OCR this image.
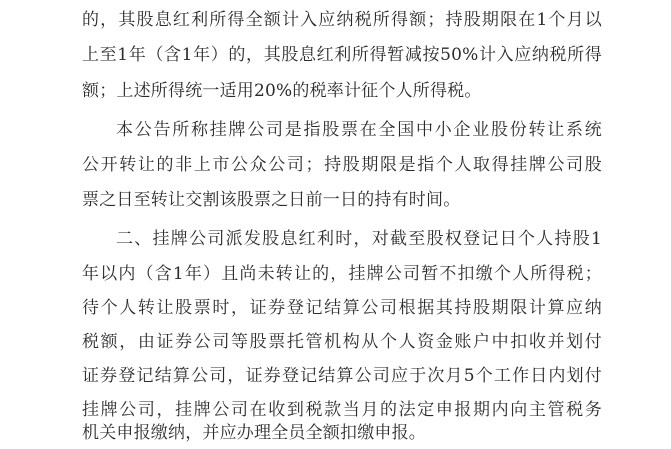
的，其股息红利所得全额计入应纳税所得额；持股期限在1个月以
上至1年（含1年）的，其股息红利所得暂减按50%计入应纳税所得
额；上述所得统一适用20%的税率计征个人所得税。
本公告所称挂牌公司是指股票在全国中小企业股份转让系统
公开转让的非上市公众公司；持股期限是指个人取得挂牌公司股
票之日至转让交割该股票之日前一日的持有时间。
二、挂牌公司派发股息红利时，对截至股权登记日个人持股1
年以内（含1年）且尚未转让的，挂牌公司暂不扣缴个人所得税；
待个人转让股票时，证券登记结算公司根据其持股期限计算应纳
税额，由证券公司等股票托管机构从个人资金账户中扣收并划付
证券登记结算公司，证券登记结算公司应于次月5个工作日内划付
挂牌公司，挂牌公司在收到税款当月的法定申报期内向主管税务
机关申报缴纳，并应办理全员全额扣缴申报。
